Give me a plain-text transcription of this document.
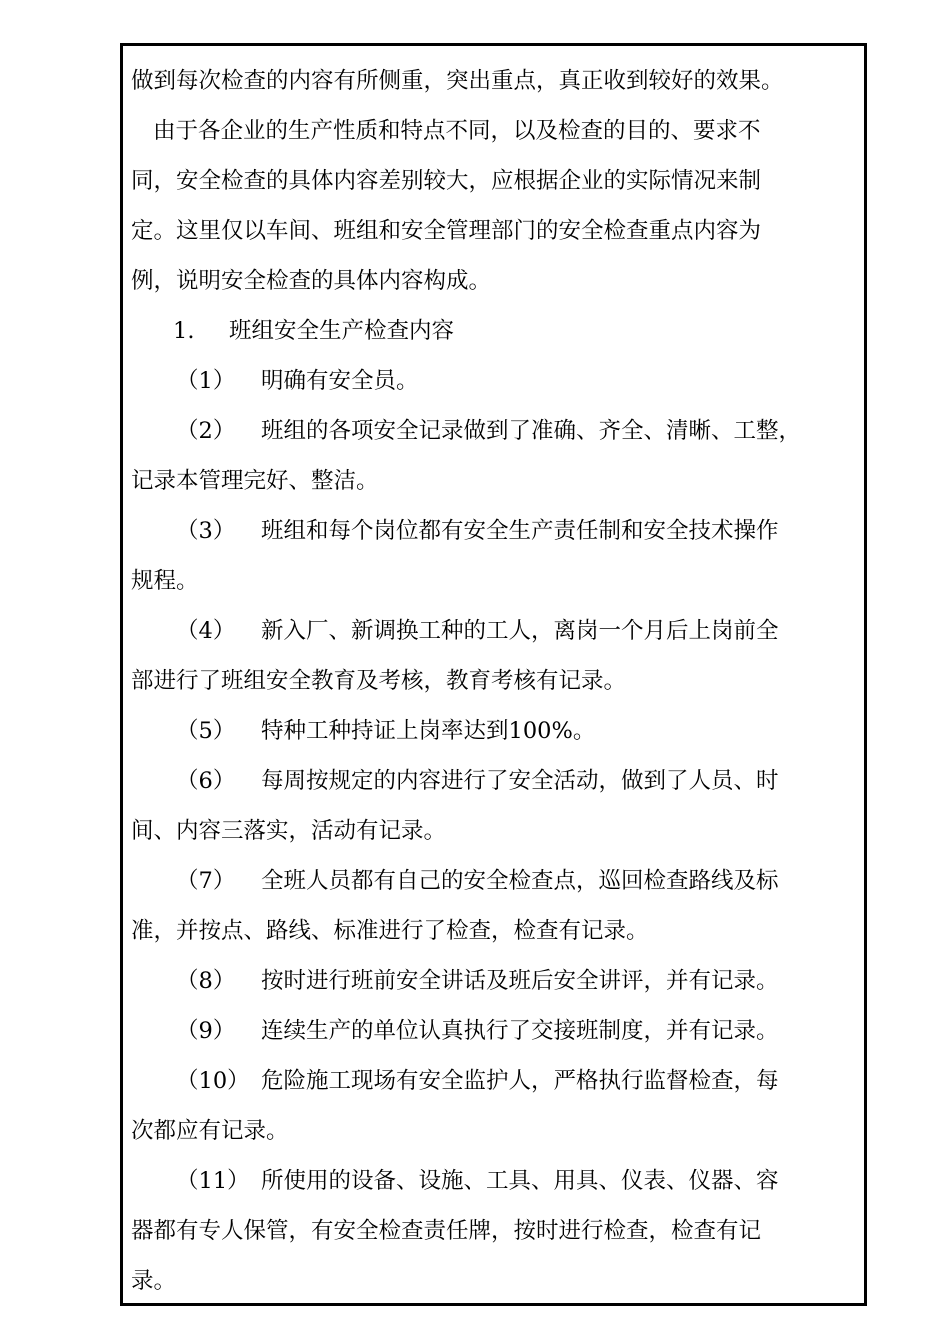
做到每次检查的内容有所侧重，突出重点，真正收到较好的效果。
由于各企业的生产性质和特点不同，以及检查的目的、要求不
同，安全检查的具体内容差别较大，应根据企业的实际情况来制
定。这里仅以车间、班组和安全管理部门的安全检查重点内容为
例，说明安全检查的具体内容构成。
1. 班组安全生产检查内容
（1） 明确有安全员。
（2） 班组的各项安全记录做到了准确、齐全、清晰、工整，
记录本管理完好、整洁。
（3） 班组和每个岗位都有安全生产责任制和安全技术操作
规程。
（4） 新入厂、新调换工种的工人，离岗一个月后上岗前全
部进行了班组安全教育及考核，教育考核有记录。
（5） 特种工种持证上岗率达到100%。
（6） 每周按规定的内容进行了安全活动，做到了人员、时
间、内容三落实，活动有记录。
（7） 全班人员都有自己的安全检查点，巡回检查路线及标
准，并按点、路线、标准进行了检查，检查有记录。
（8） 按时进行班前安全讲话及班后安全讲评，并有记录。
（9） 连续生产的单位认真执行了交接班制度，并有记录。
（10） 危险施工现场有安全监护人，严格执行监督检查，每
次都应有记录。
（11） 所使用的设备、设施、工具、用具、仪表、仪器、容
器都有专人保管，有安全检查责任牌，按时进行检查，检查有记
录。
